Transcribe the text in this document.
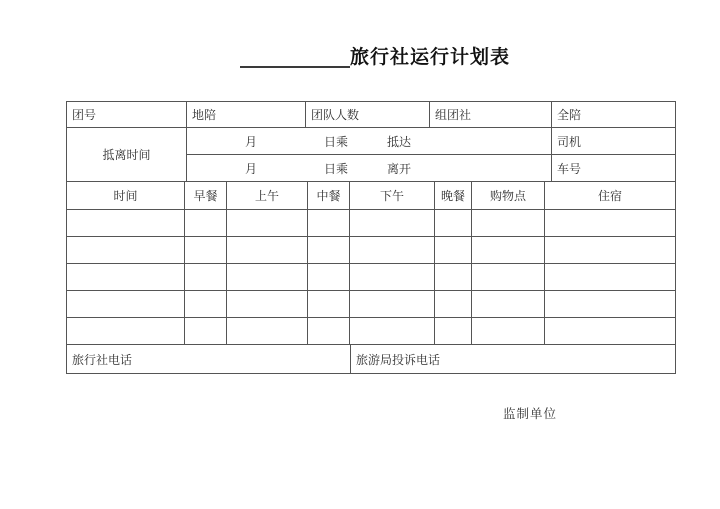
旅行社运行计划表
团号	地陪	团队人数	组团社	全陪
抵离时间	月 日乘 抵达			司机

	月 日乘 离开			车号
时间	早餐	上午	中餐	下午	晚餐	购物点	住宿

旅行社电话	旅游局投诉电话
监制单位
